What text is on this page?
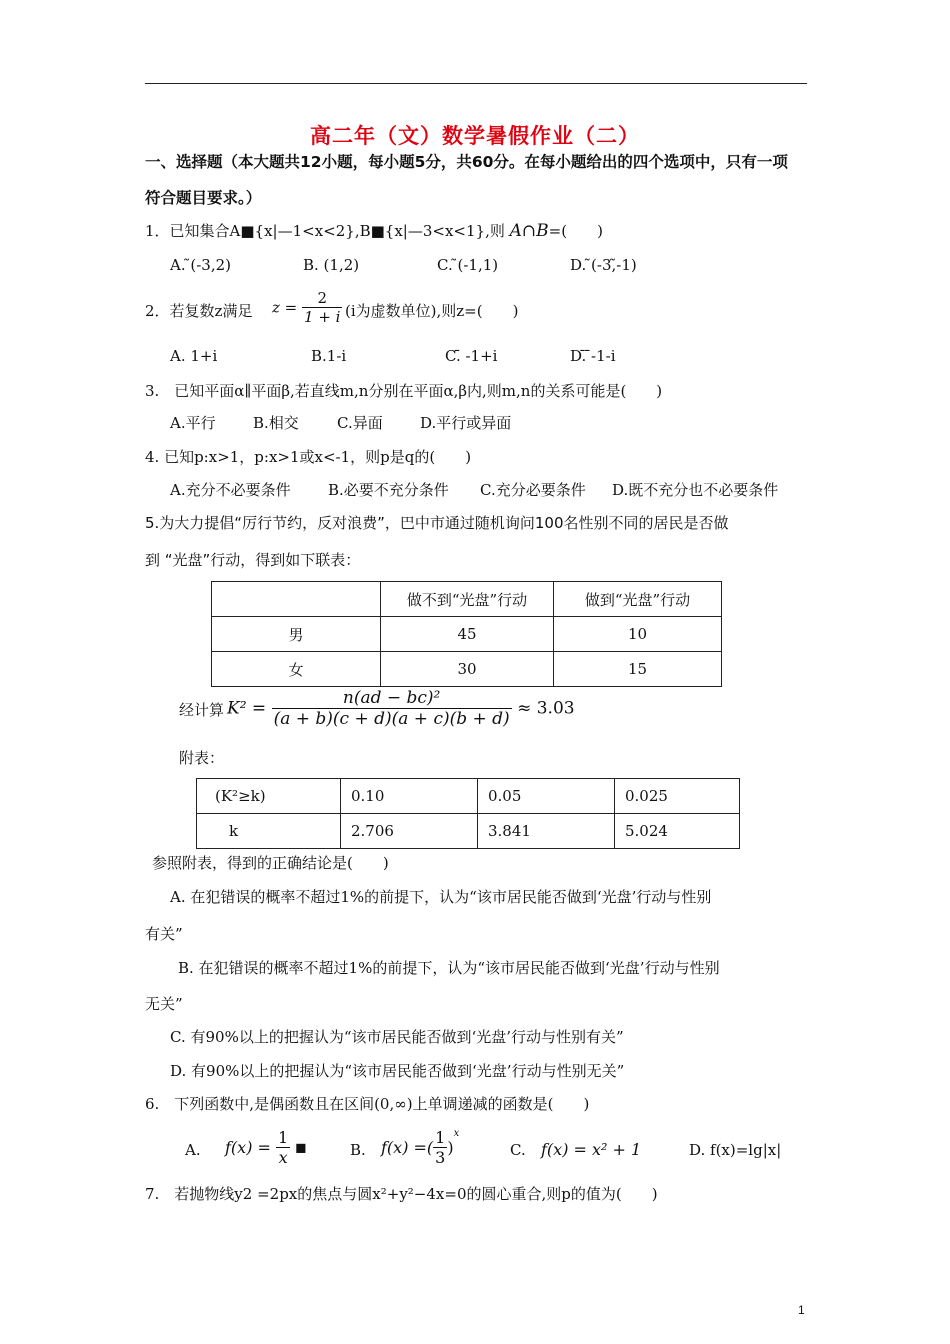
高二年（文）数学暑假作业（二）
一、选择题（本大题共12小题，每小题5分，共60分。在每小题给出的四个选项中，只有一项
符合题目要求。）
1．已知集合A■{x|—1<x<2},B■{x|—3<x<1},则 A∩B=(　　)
A. ̃(-3,2)	B. (1,2)	C. ̃(-1,1)	D. ̃(-3,̃-1)
2．若复数z满足 $z = \frac{2}{1 + i} (i$为虚数单位),则z=(　　)
A. 1+i	B.1-i	C.̄ -1+i	D.̄ ̄-1-i
3.　已知平面α∥平面β,若直线m,n分别在平面α,β内,则m,n的关系可能是(　　)
A.平行 B.相交	C.异面 D.平行或异面
4. 已知p:x>1，p:x>1或x<-1，则p是q的(　　)
A.充分不必要条件 B.必要不充分条件 C.充分必要条件 D.既不充分也不必要条件
5.为大力提倡“厉行节约，反对浪费”，巴中市通过随机询问100名性别不同的居民是否做
到 “光盘”行动，得到如下联表：
	做不到“光盘”行动	做到“光盘”行动
男	45	10
女	30	15
经计算 $K^2 = \frac{\text{n(ad − bc)²}}{(a + b)(c + d)(a + c)(b + d)} \approx 3.03$
附表：
(K²≥k)	0.10	0.05	0.025
k	2.706	3.841	5.024
参照附表，得到的正确结论是(　　)
A. 在犯错误的概率不超过1%的前提下，认为“该市居民能否做到‘光盘’行动与性别
有关”
B. 在犯错误的概率不超过1%的前提下，认为“该市居民能否做到‘光盘’行动与性别
无关”
C. 有90%以上的把握认为“该市居民能否做到‘光盘’行动与性别有关”
D. 有90%以上的把握认为“该市居民能否做到‘光盘’行动与性别无关”
6.　下列函数中,是偶函数且在区间(0,∞)上单调递减的函数是(　　)
A. $f(x) = \frac{1}{x}$ ■	B. f(x) =( $\frac{1}{3} )^x$
C. f(x) = x² + 1	D. f(x)=lg|x|
7.　若抛物线y2 =2px的焦点与圆x²+y²−4x=0的圆心重合,则p的值为(　　)
1
